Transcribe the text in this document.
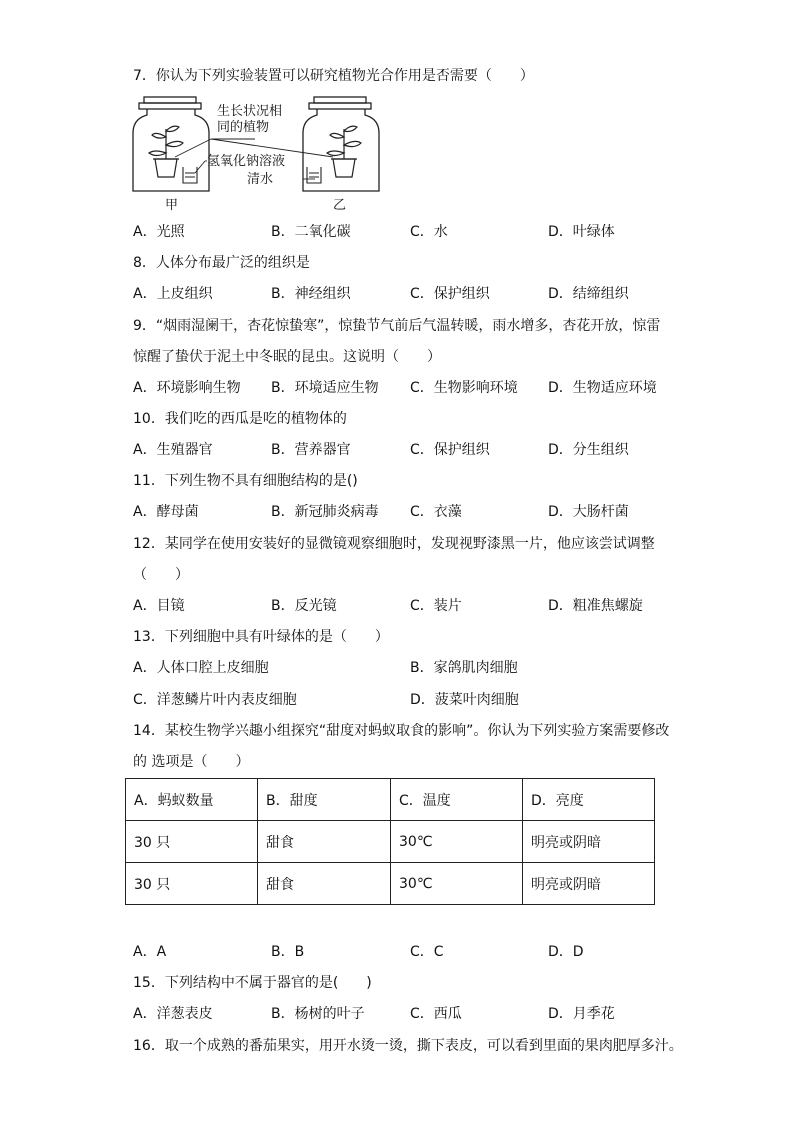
7．你认为下列实验装置可以研究植物光合作用是否需要（　　）
生长状况相
同的植物
氢氧化钠溶液
清水
甲	乙
A．光照	B．二氧化碳	C．水	D．叶绿体
8．人体分布最广泛的组织是
A．上皮组织	B．神经组织	C．保护组织	D．结缔组织
9．“烟雨湿阑干，杏花惊蛰寒”，惊蛰节气前后气温转暖，雨水增多，杏花开放，惊雷
惊醒了蛰伏于泥土中冬眠的昆虫。这说明（　　）
A．环境影响生物 B．环境适应生物 C．生物影响环境 D．生物适应环境
10．我们吃的西瓜是吃的植物体的
A．生殖器官	B．营养器官	C．保护组织	D．分生组织
11．下列生物不具有细胞结构的是()
A．酵母菌	B．新冠肺炎病毒 C．衣藻	D．大肠杆菌
12．某同学在使用安装好的显微镜观察细胞时，发现视野漆黑一片，他应该尝试调整
（　　）
A．目镜	B．反光镜	C．装片	D．粗准焦螺旋
13．下列细胞中具有叶绿体的是（　　）
A．人体口腔上皮细胞	B．家鸽肌肉细胞
C．洋葱鳞片叶内表皮细胞	D．菠菜叶肉细胞
14．某校生物学兴趣小组探究“甜度对蚂蚁取食的影响”。你认为下列实验方案需要修改
的 选项是（　　）
A．蚂蚁数量	B．甜度	C．温度	D．亮度
30 只	甜食	30℃	明亮或阴暗
30 只	甜食	30℃	明亮或阴暗
A．A	B．B	C．C	D．D
15．下列结构中不属于器官的是(　　)
A．洋葱表皮	B．杨树的叶子	C．西瓜	D．月季花
16．取一个成熟的番茄果实，用开水烫一烫，撕下表皮，可以看到里面的果肉肥厚多汁。
